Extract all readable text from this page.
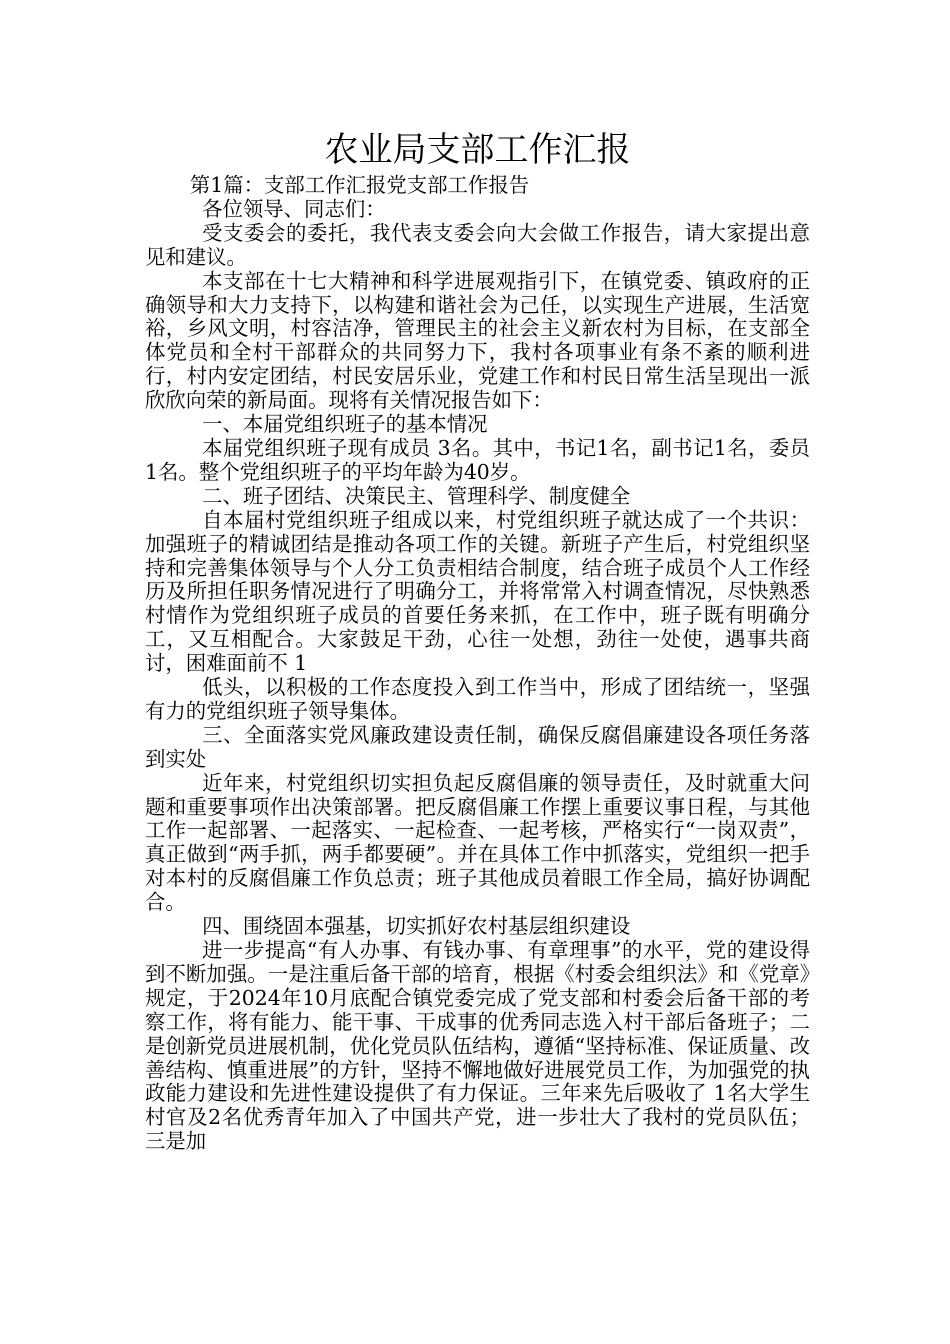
农业局支部工作汇报

第1篇：支部工作汇报党支部工作报告

各位领导、同志们：

受支委会的委托，我代表支委会向大会做工作报告，请大家提出意见和建议。

本支部在十七大精神和科学进展观指引下，在镇党委、镇政府的正确领导和大力支持下，以构建和谐社会为己任，以实现生产进展，生活宽裕，乡风文明，村容洁净，管理民主的社会主义新农村为目标，在支部全体党员和全村干部群众的共同努力下，我村各项事业有条不紊的顺利进行，村内安定团结，村民安居乐业，党建工作和村民日常生活呈现出一派欣欣向荣的新局面。现将有关情况报告如下：

一、本届党组织班子的基本情况

本届党组织班子现有成员 3名。其中，书记1名，副书记1名，委员1名。整个党组织班子的平均年龄为40岁。

二、班子团结、决策民主、管理科学、制度健全

自本届村党组织班子组成以来，村党组织班子就达成了一个共识：加强班子的精诚团结是推动各项工作的关键。新班子产生后，村党组织坚持和完善集体领导与个人分工负责相结合制度，结合班子成员个人工作经历及所担任职务情况进行了明确分工，并将常常入村调查情况，尽快熟悉村情作为党组织班子成员的首要任务来抓，在工作中，班子既有明确分工，又互相配合。大家鼓足干劲，心往一处想，劲往一处使，遇事共商讨，困难面前不 1

低头，以积极的工作态度投入到工作当中，形成了团结统一，坚强有力的党组织班子领导集体。

三、全面落实党风廉政建设责任制，确保反腐倡廉建设各项任务落到实处

近年来，村党组织切实担负起反腐倡廉的领导责任，及时就重大问题和重要事项作出决策部署。把反腐倡廉工作摆上重要议事日程，与其他工作一起部署、一起落实、一起检查、一起考核，严格实行“一岗双责”，真正做到“两手抓，两手都要硬”。并在具体工作中抓落实，党组织一把手对本村的反腐倡廉工作负总责；班子其他成员着眼工作全局，搞好协调配合。

四、围绕固本强基，切实抓好农村基层组织建设

进一步提高“有人办事、有钱办事、有章理事”的水平，党的建设得到不断加强。一是注重后备干部的培育，根据《村委会组织法》和《党章》规定，于2024年10月底配合镇党委完成了党支部和村委会后备干部的考察工作，将有能力、能干事、干成事的优秀同志选入村干部后备班子；二是创新党员进展机制，优化党员队伍结构，遵循“坚持标准、保证质量、改善结构、慎重进展”的方针，坚持不懈地做好进展党员工作，为加强党的执政能力建设和先进性建设提供了有力保证。三年来先后吸收了 1名大学生村官及2名优秀青年加入了中国共产党，进一步壮大了我村的党员队伍；三是加
